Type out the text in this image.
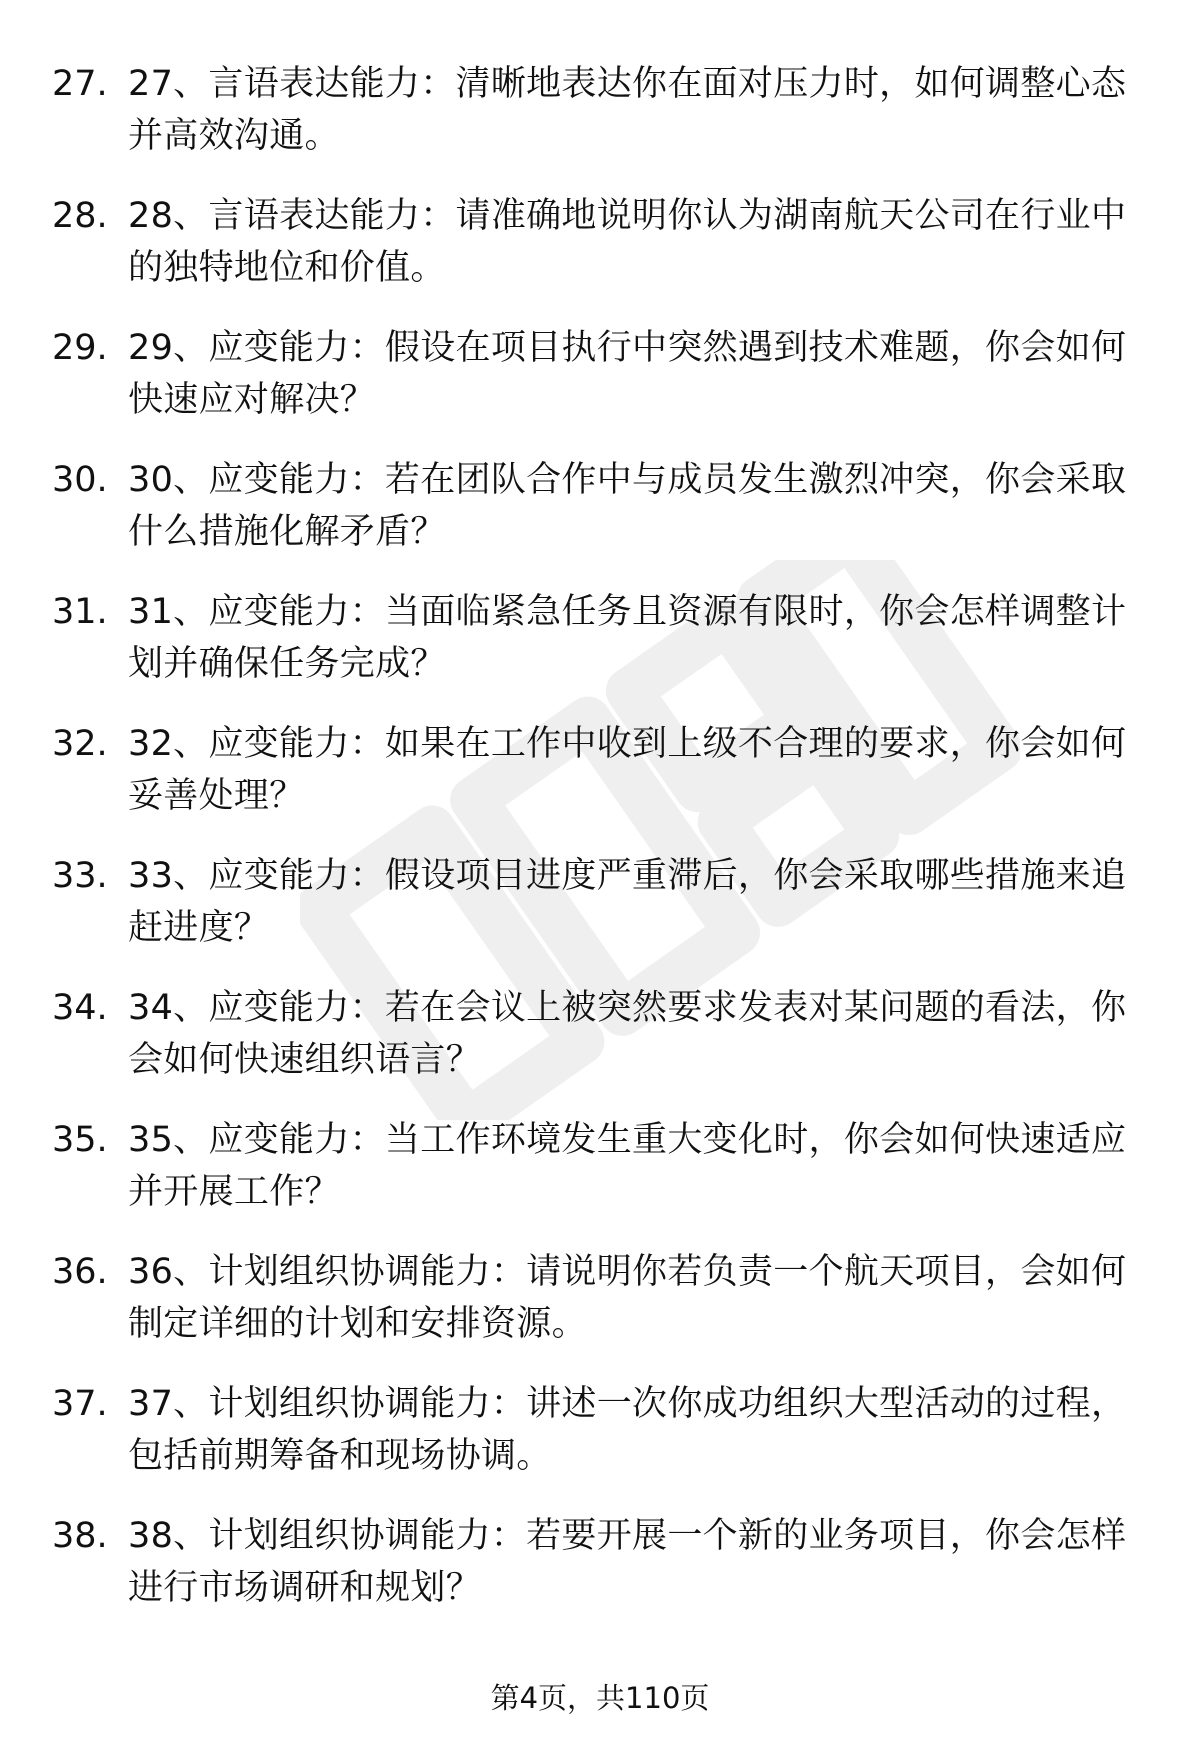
27. 27、言语表达能力：清晰地表达你在面对压力时，如何调整心态并高效沟通。
28. 28、言语表达能力：请准确地说明你认为湖南航天公司在行业中的独特地位和价值。
29. 29、应变能力：假设在项目执行中突然遇到技术难题，你会如何快速应对解决？
30. 30、应变能力：若在团队合作中与成员发生激烈冲突，你会采取什么措施化解矛盾？
31. 31、应变能力：当面临紧急任务且资源有限时，你会怎样调整计划并确保任务完成？
32. 32、应变能力：如果在工作中收到上级不合理的要求，你会如何妥善处理？
33. 33、应变能力：假设项目进度严重滞后，你会采取哪些措施来追赶进度？
34. 34、应变能力：若在会议上被突然要求发表对某问题的看法，你会如何快速组织语言？
35. 35、应变能力：当工作环境发生重大变化时，你会如何快速适应并开展工作？
36. 36、计划组织协调能力：请说明你若负责一个航天项目，会如何制定详细的计划和安排资源。
37. 37、计划组织协调能力：讲述一次你成功组织大型活动的过程，包括前期筹备和现场协调。
38. 38、计划组织协调能力：若要开展一个新的业务项目，你会怎样进行市场调研和规划？
第4页，共110页
